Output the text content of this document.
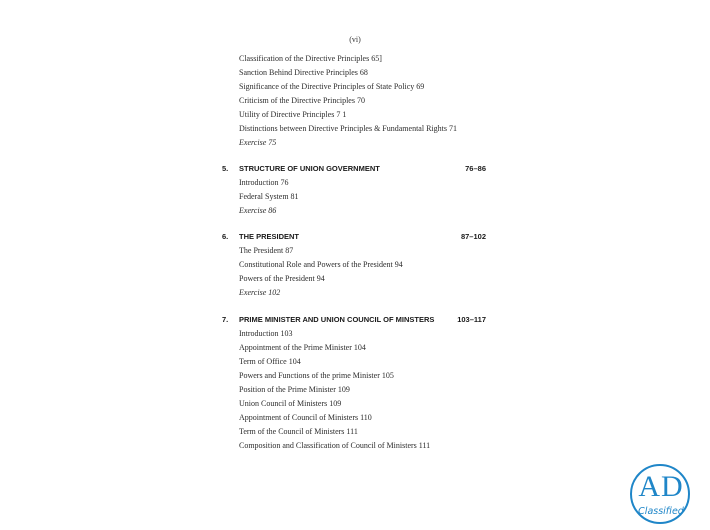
(vi)
Classification of the Directive Principles 65]
Sanction Behind Directive Principles 68
Significance of the Directive Principles of State Policy 69
Criticism of the Directive Principles 70
Utility of Directive Principles 7 1
Distinctions between Directive Principles & Fundamental Rights 71
Exercise 75
5. STRUCTURE OF UNION GOVERNMENT	76–86
Introduction 76
Federal System 81
Exercise 86
6. THE PRESIDENT	87–102
The President 87
Constitutional Role and Powers of the President 94
Powers of the President 94
Exercise 102
7. PRIME MINISTER AND UNION COUNCIL OF MINSTERS	103–117
Introduction 103
Appointment of the Prime Minister 104
Term of Office 104
Powers and Functions of the prime Minister 105
Position of the Prime Minister 109
Union Council of Ministers 109
Appointment of Council of Ministers 110
Term of the Council of Ministers 111
Composition and Classification of Council of Ministers 111
AD
Classified
